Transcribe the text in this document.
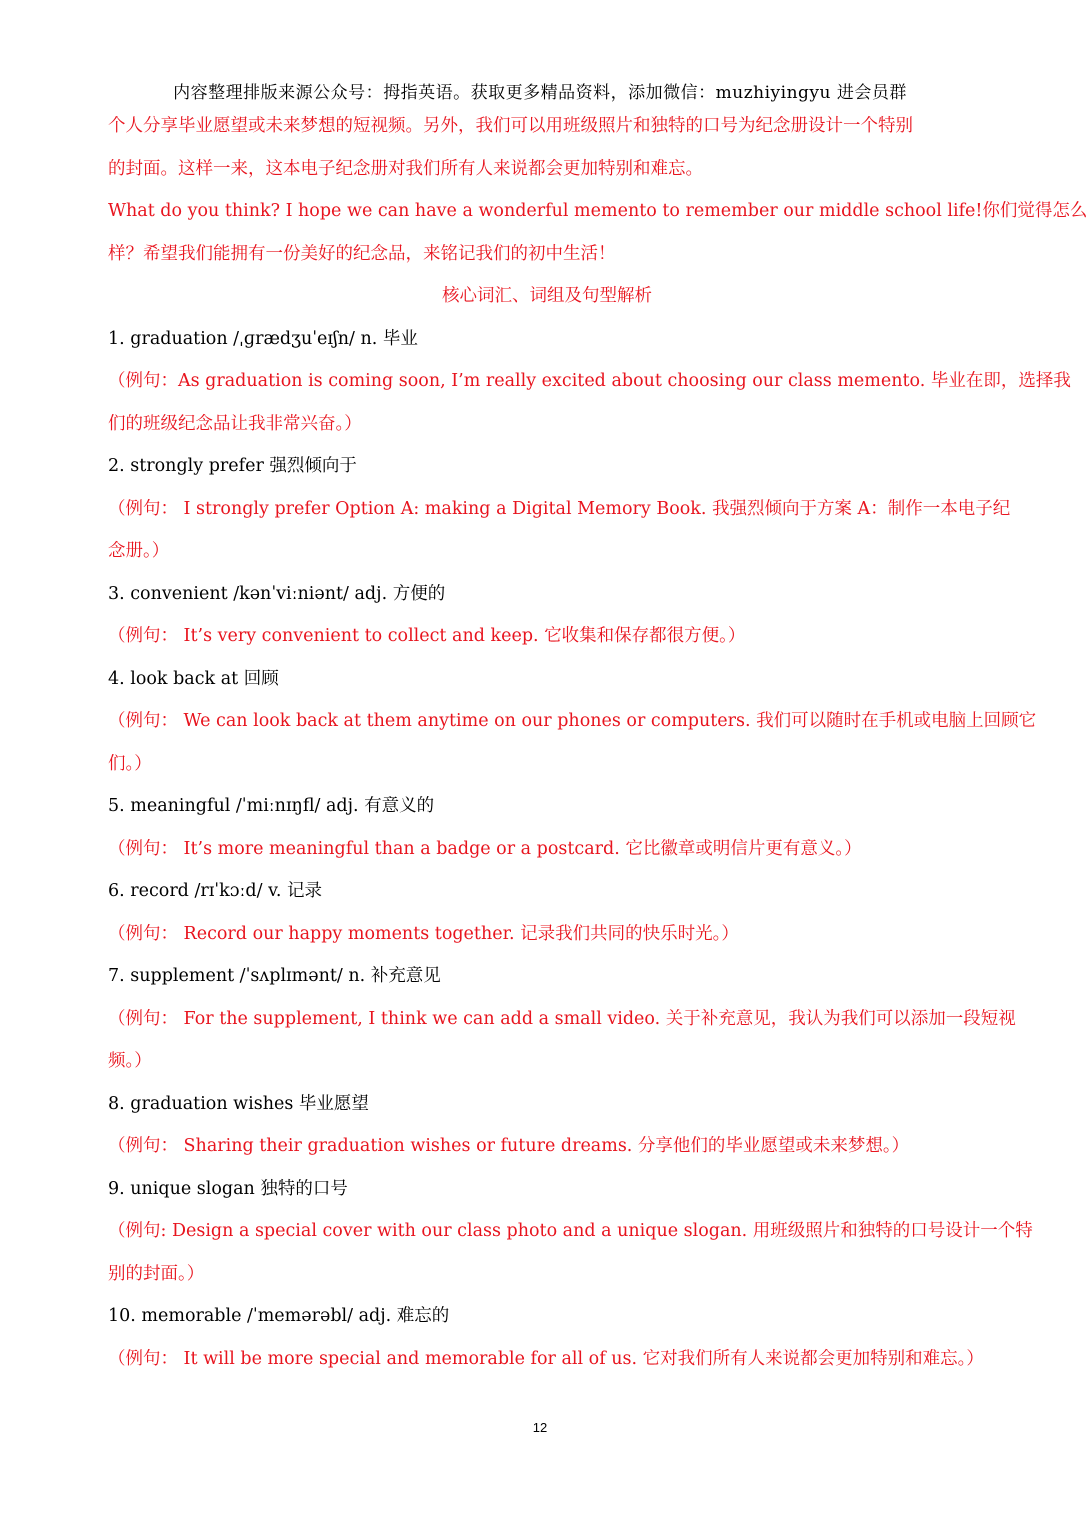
内容整理排版来源公众号：拇指英语。获取更多精品资料，添加微信：muzhiyingyu 进会员群
个人分享毕业愿望或未来梦想的短视频。另外，我们可以用班级照片和独特的口号为纪念册设计一个特别
的封面。这样一来，这本电子纪念册对我们所有人来说都会更加特别和难忘。
What do you think? I hope we can have a wonderful memento to remember our middle school life!你们觉得怎么
样？希望我们能拥有一份美好的纪念品，来铭记我们的初中生活！
核心词汇、词组及句型解析
1. graduation /ˌɡrædʒuˈeɪʃn/ n. 毕业
（例句：As graduation is coming soon, I’m really excited about choosing our class memento. 毕业在即，选择我
们的班级纪念品让我非常兴奋。）
2. strongly prefer 强烈倾向于
（例句： I strongly prefer Option A: making a Digital Memory Book. 我强烈倾向于方案 A：制作一本电子纪
念册。）
3. convenient /kənˈviːniənt/ adj. 方便的
（例句： It’s very convenient to collect and keep. 它收集和保存都很方便。）
4. look back at 回顾
（例句： We can look back at them anytime on our phones or computers. 我们可以随时在手机或电脑上回顾它
们。）
5. meaningful /ˈmiːnɪŋfl/ adj. 有意义的
（例句： It’s more meaningful than a badge or a postcard. 它比徽章或明信片更有意义。）
6. record /rɪˈkɔːd/ v. 记录
（例句： Record our happy moments together. 记录我们共同的快乐时光。）
7. supplement /ˈsʌplɪmənt/ n. 补充意见
（例句： For the supplement, I think we can add a small video. 关于补充意见，我认为我们可以添加一段短视
频。）
8. graduation wishes 毕业愿望
（例句： Sharing their graduation wishes or future dreams. 分享他们的毕业愿望或未来梦想。）
9. unique slogan 独特的口号
（例句: Design a special cover with our class photo and a unique slogan. 用班级照片和独特的口号设计一个特
别的封面。）
10. memorable /ˈmemərəbl/ adj. 难忘的
（例句： It will be more special and memorable for all of us. 它对我们所有人来说都会更加特别和难忘。）
12
